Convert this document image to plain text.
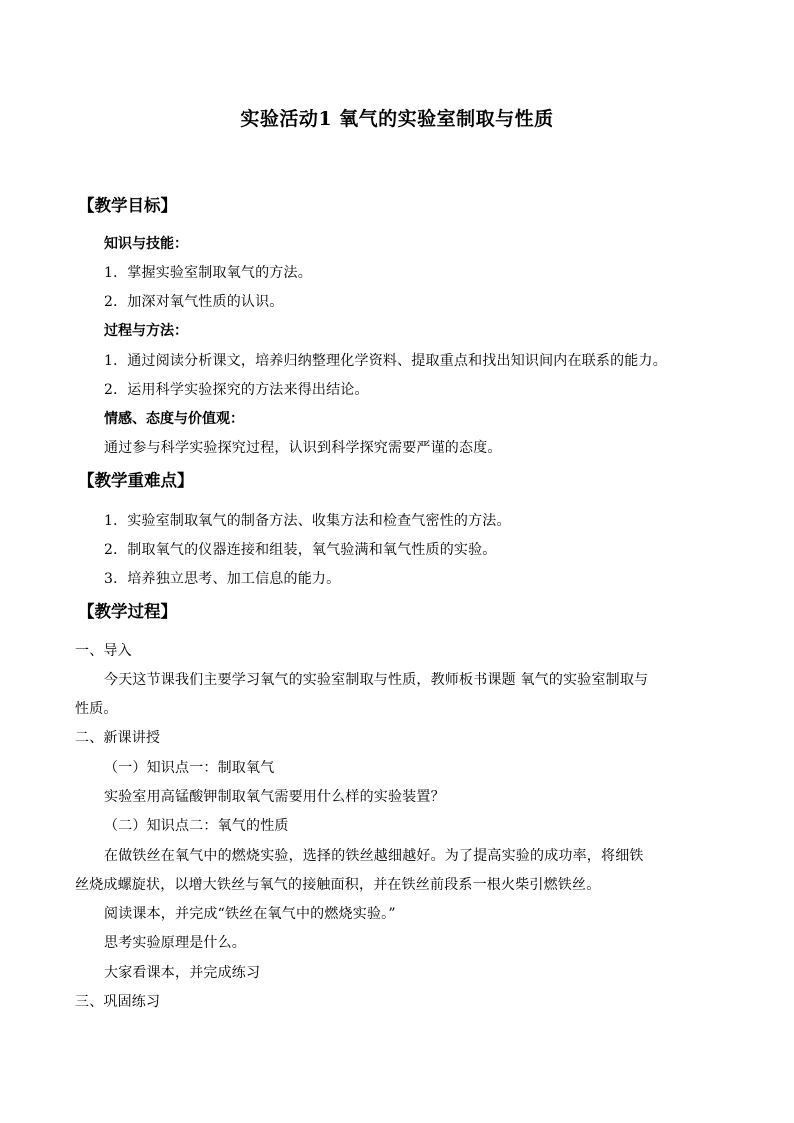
实验活动1 氧气的实验室制取与性质
【教学目标】
知识与技能：
1．掌握实验室制取氧气的方法。
2．加深对氧气性质的认识。
过程与方法：
1．通过阅读分析课文，培养归纳整理化学资料、提取重点和找出知识间内在联系的能力。
2．运用科学实验探究的方法来得出结论。
情感、态度与价值观：
通过参与科学实验探究过程，认识到科学探究需要严谨的态度。
【教学重难点】
1．实验室制取氧气的制备方法、收集方法和检查气密性的方法。
2．制取氧气的仪器连接和组装，氧气验满和氧气性质的实验。
3．培养独立思考、加工信息的能力。
【教学过程】
一、导入
今天这节课我们主要学习氧气的实验室制取与性质，教师板书课题 氧气的实验室制取与
性质。
二、新课讲授
（一）知识点一：制取氧气
实验室用高锰酸钾制取氧气需要用什么样的实验装置？
（二）知识点二：氧气的性质
在做铁丝在氧气中的燃烧实验，选择的铁丝越细越好。为了提高实验的成功率，将细铁
丝烧成螺旋状，以增大铁丝与氧气的接触面积，并在铁丝前段系一根火柴引燃铁丝。
阅读课本，并完成“铁丝在氧气中的燃烧实验。”
思考实验原理是什么。
大家看课本，并完成练习
三、巩固练习
